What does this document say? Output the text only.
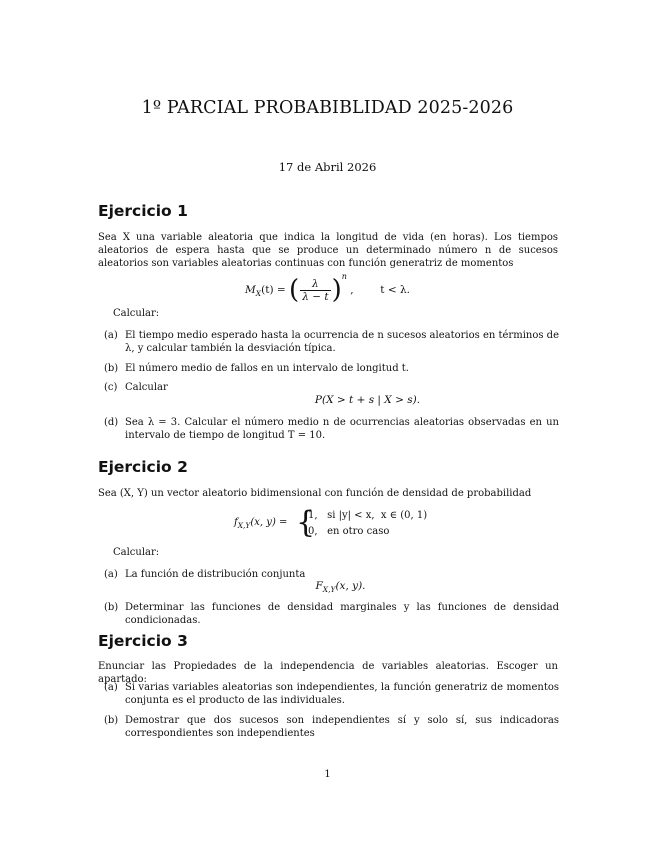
1º PARCIAL PROBABIBLIDAD 2025-2026
17 de Abril 2026
Ejercicio 1
Sea X una variable aleatoria que indica la longitud de vida (en horas). Los tiempos aleatorios de espera hasta que se produce un determinado número n de sucesos aleatorios son variables aleatorias continuas con función generatriz de momentos
$M_X(t)$ = ( $\frac{\lambda}{\lambda - t} )^n$ ,        t < λ.
Calcular:
(a) El tiempo medio esperado hasta la ocurrencia de n sucesos aleatorios en términos de λ, y calcular también la desviación típica.
(b) El número medio de fallos en un intervalo de longitud t.
(c) Calcular
P(X > t + s | X > s).
(d) Sea λ = 3. Calcular el número medio n de ocurrencias aleatorias observadas en un intervalo de tiempo de longitud T = 10.
Ejercicio 2
Sea (X, Y) un vector aleatorio bidimensional con función de densidad de probabilidad
$f_{X,Y}(x$, y) = {
1,   si |y| < x,  x ∈ (0, 1)
0,   en otro caso
Calcular:
(a) La función de distribución conjunta
$F_{X,Y}(x$, y).
(b) Determinar las funciones de densidad marginales y las funciones de densidad condicionadas.
Ejercicio 3
Enunciar las Propiedades de la independencia de variables aleatorias. Escoger un apartado:
(a) Si varias variables aleatorias son independientes, la función generatriz de momentos conjunta es el producto de las individuales.
(b) Demostrar que dos sucesos son independientes sí y solo sí, sus indicadoras correspondientes son independientes
1
